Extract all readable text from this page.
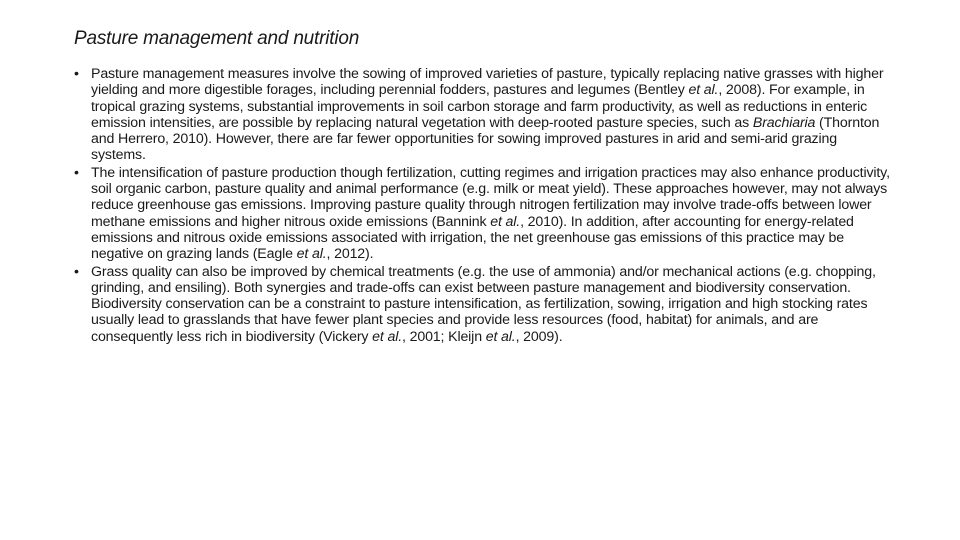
Pasture management and nutrition
• Pasture management measures involve the sowing of improved varieties of pasture, typically replacing native grasses with higher yielding and more digestible forages, including perennial fodders, pastures and legumes (Bentley et al., 2008). For example, in tropical grazing systems, substantial improvements in soil carbon storage and farm productivity, as well as reductions in enteric emission intensities, are possible by replacing natural vegetation with deep-rooted pasture species, such as Brachiaria (Thornton and Herrero, 2010). However, there are far fewer opportunities for sowing improved pastures in arid and semi-arid grazing systems.
• The intensification of pasture production though fertilization, cutting regimes and irrigation practices may also enhance productivity, soil organic carbon, pasture quality and animal performance (e.g. milk or meat yield). These approaches however, may not always reduce greenhouse gas emissions. Improving pasture quality through nitrogen fertilization may involve trade-offs between lower methane emissions and higher nitrous oxide emissions (Bannink et al., 2010). In addition, after accounting for energy-related emissions and nitrous oxide emissions associated with irrigation, the net greenhouse gas emissions of this practice may be negative on grazing lands (Eagle et al., 2012).
• Grass quality can also be improved by chemical treatments (e.g. the use of ammonia) and/or mechanical actions (e.g. chopping, grinding, and ensiling). Both synergies and trade-offs can exist between pasture management and biodiversity conservation. Biodiversity conservation can be a constraint to pasture intensification, as fertilization, sowing, irrigation and high stocking rates usually lead to grasslands that have fewer plant species and provide less resources (food, habitat) for animals, and are consequently less rich in biodiversity (Vickery et al., 2001; Kleijn et al., 2009).
